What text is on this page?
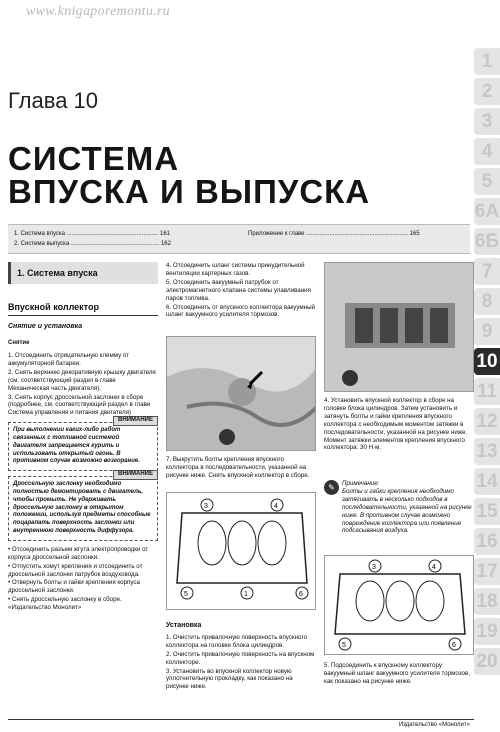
www.knigaporemontu.ru
1
2
3
4
5
6А
6Б
7
8
9
10
11
12
13
14
15
16
17
18
19
20
Глава 10
СИСТЕМА
ВПУСКА И ВЫПУСКА
1. Система впуска ....................................................... 161
2. Система выпуска ..................................................... 162
Приложение к главе ............................................................. 165
1. Система впуска
Впускной коллектор
Снятие и установка
Снятие
1. Отсоединить отрицательную клемму от аккумуляторной батареи.
2. Снять верхнюю декоративную крышку двигателя (см. соответствующий раздел в главе Механическая часть двигателя).
3. Снять корпус дроссельной заслонки в сборе (подробнее, см. соответствующий раздел в главе Система управления и питания двигателя)
ВНИМАНИЕ
При выполнении каких-либо работ связанных с топливной системой двигателя запрещается курить и использовать открытый огонь. В противном случае возможно возгорание.
ВНИМАНИЕ
Дроссельную заслонку необходимо полностью демонтировать с двигатель, чтобы промыть. Не удерживать дроссельную заслонку в открытом положении, используя предметы способные поцарапать поверхность заслонки или внутреннюю поверхность диффузора.
• Отсоединить разъем жгута электропроводки от корпуса дроссельной заслонки.
• Отпустить хомут крепления и отсоединить от дроссельной заслонки патрубок воздуховода.
• Отвернуть болты и гайки крепления корпуса дроссельной заслонки.
• Снять дроссельную заслонку в сборе. «Издательство Монолит»
4. Отсоединить шланг системы принудительной вентиляции картерных газов.
5. Отсоединить вакуумный патрубок от электромагнитного клапана системы улавливания паров топлива.
6. Отсоединить от впускного коллектора вакуумный шланг вакуумного усилителя тормозов.
7. Выкрутить болты крепления впускного коллектора в последовательности, указанной на рисунке ниже. Снять впускной коллектор в сборе.
3	4
5	1	6
Установка
1. Очистить привалочную поверхность впускного коллектора на головке блока цилиндров.
2. Очистить привалочную поверхность на впускном коллекторе.
3. Установить во впускной коллектор новую уплотнительную прокладку, как показано на рисунке ниже.
4. Установить впускной коллектор в сборе на головке блока цилиндров. Затем установить и затянуть болты и гайки крепления впускного коллектора с необходимым моментом затяжки в последовательности, указанной на рисунке ниже. Момент затяжки элементов крепления впускного коллектора: 30 Н·м.
✎	Примечание:
Болты и гайки крепления необходимо затягивать в несколько подходов в последовательности, указанной на рисунке ниже. В противном случае возможно повреждение коллектора или появление подсасывания воздуха.
3	4
5	6
5. Подсоединить к впускному коллектору вакуумный шланг вакуумного усилителя тормозов, как показано на рисунке ниже.
Издательство «Монолит»
